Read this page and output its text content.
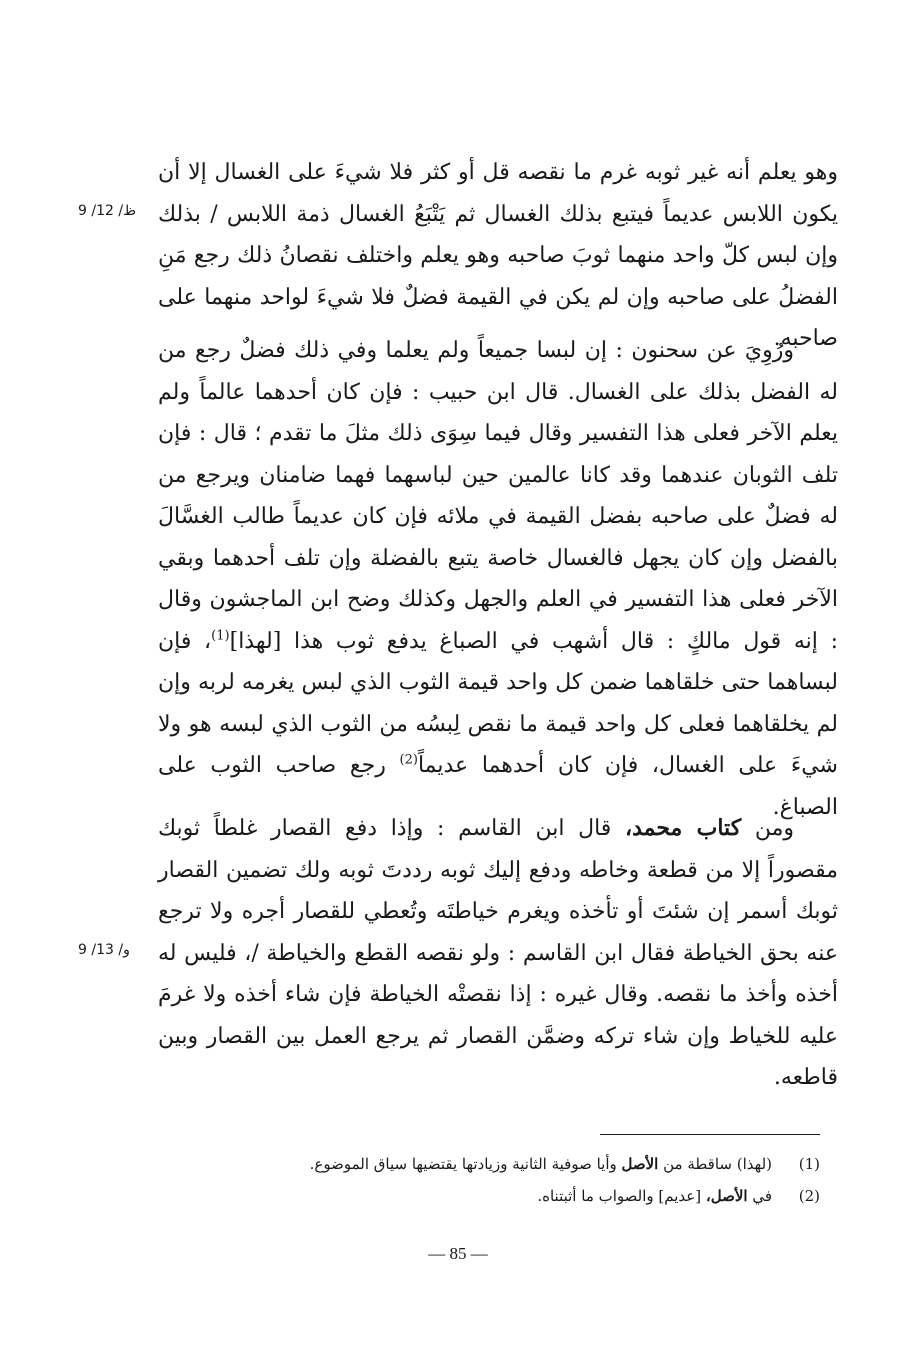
9 /12 /ظ
9 /13 /و

وهو يعلم أنه غير ثوبه غرم ما نقصه قل أو كثر فلا شيءَ على الغسال إلا أن يكون اللابس عديماً فيتبع بذلك الغسال ثم يَتْبَعُ الغسال ذمة اللابس / بذلك وإن لبس كلّ واحد منهما ثوبَ صاحبه وهو يعلم واختلف نقصانُ ذلك رجع مَنِ الفضلُ على صاحبه وإن لم يكن في القيمة فضلٌ فلا شيءَ لواحد منهما على صاحبه.

ورُوِيَ عن سحنون : إن لبسا جميعاً ولم يعلما وفي ذلك فضلٌ رجع من له الفضل بذلك على الغسال. قال ابن حبيب : فإن كان أحدهما عالماً ولم يعلم الآخر فعلى هذا التفسير وقال فيما سِوَى ذلك مثلَ ما تقدم ؛ قال : فإن تلف الثوبان عندهما وقد كانا عالمين حين لباسهما فهما ضامنان ويرجع من له فضلٌ على صاحبه بفضل القيمة في ملائه فإن كان عديماً طالب الغسَّالَ بالفضل وإن كان يجهل فالغسال خاصة يتبع بالفضلة وإن تلف أحدهما وبقي الآخر فعلى هذا التفسير في العلم والجهل وكذلك وضح ابن الماجشون وقال : إنه قول مالكٍ : قال أشهب في الصباغ يدفع ثوب هذا [لهذا]$^{(1)}$، فإن لبساهما حتى خلقاهما ضمن كل واحد قيمة الثوب الذي لبس يغرمه لربه وإن لم يخلقاهما فعلى كل واحد قيمة ما نقص لِبسُه من الثوب الذي لبسه هو ولا شيءَ على الغسال، فإن كان أحدهما عديماً$^{(2)}$ رجع صاحب الثوب على الصباغ.

ومن كتاب محمد، قال ابن القاسم : وإذا دفع القصار غلطاً ثوبك مقصوراً إلا من قطعة وخاطه ودفع إليك ثوبه رددتَ ثوبه ولك تضمين القصار ثوبك أسمر إن شئتَ أو تأخذه ويغرم خياطتَه وتُعطي للقصار أجره ولا ترجع عنه بحق الخياطة فقال ابن القاسم : ولو نقصه القطع والخياطة /، فليس له أخذه وأخذ ما نقصه. وقال غيره : إذا نقصتْه الخياطة فإن شاء أخذه ولا غرمَ عليه للخياط وإن شاء تركه وضمَّن القصار ثم يرجع العمل بين القصار وبين قاطعه.

(1)
(لهذا) ساقطة من الأصل وأيا صوفية الثانية وزيادتها يقتضيها سياق الموضوع.
(2)
في الأصل، [عديم] والصواب ما أثبتناه.
— 85 —
